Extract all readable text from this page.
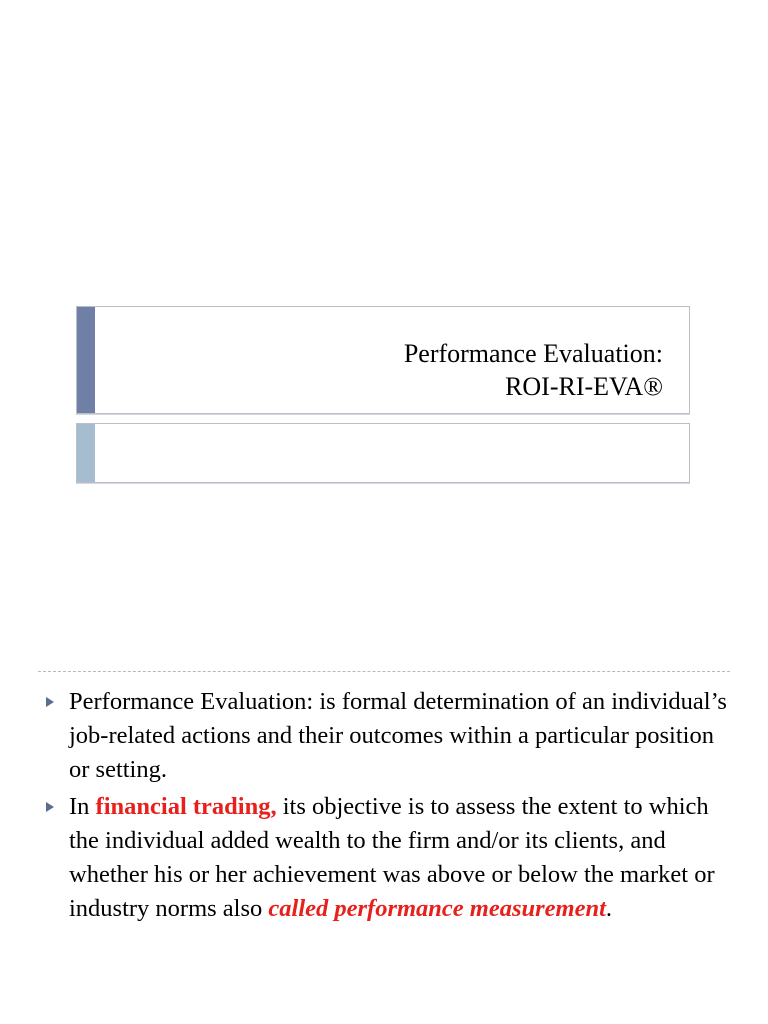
Performance Evaluation:
ROI-RI-EVA®
Performance Evaluation: is formal determination of an individual’s job-related actions and their outcomes within a particular position or setting.
In financial trading, its objective is to assess the extent to which the individual added wealth to the firm and/or its clients, and whether his or her achievement was above or below the market or industry norms also called performance measurement.
